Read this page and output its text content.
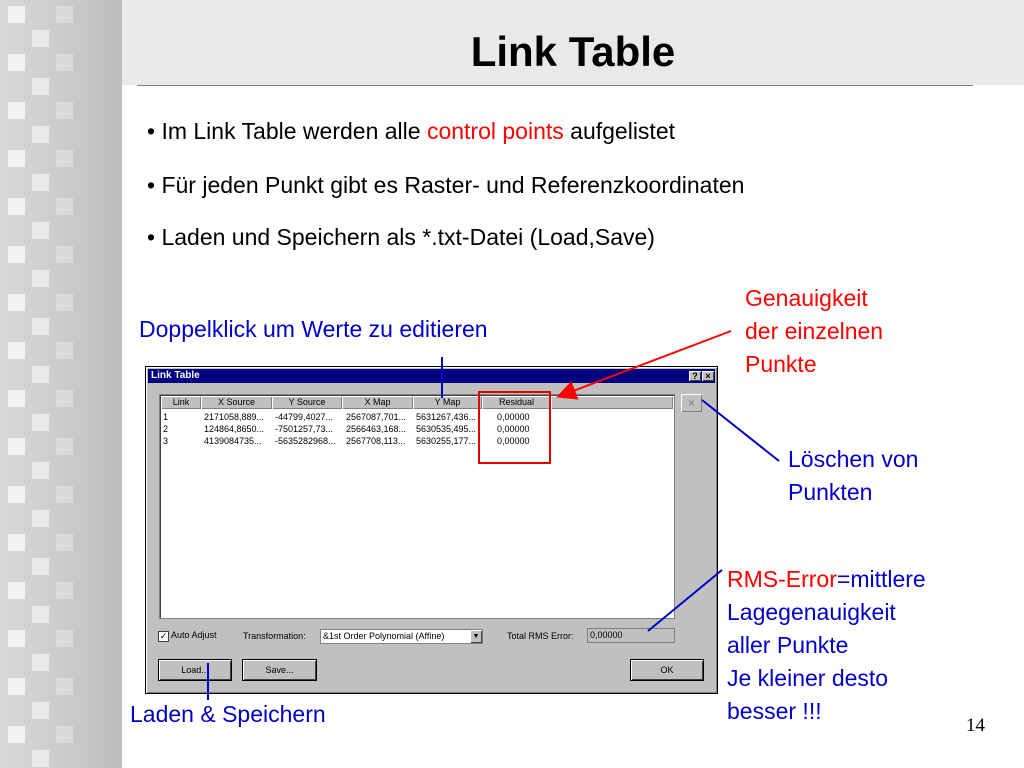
Link Table
• Im Link Table werden alle control points aufgelistet
• Für jeden Punkt gibt es Raster- und Referenzkoordinaten
• Laden und Speichern als *.txt-Datei (Load,Save)
Doppelklick um Werte zu editieren
Genauigkeit
der einzelnen
Punkte
Löschen von
Punkten
RMS-Error=mittlere
Lagegenauigkeit
aller Punkte
Je kleiner desto
besser !!!
Laden & Speichern
Link Table	? ×
Link	X Source	Y Source	X Map	Y Map	Residual
1	2171058,889... -44799,4027... 2567087,701... 5631267,436... 0,00000
2	124864,8650... -7501257,73... 2566463,168... 5630535,495... 0,00000
3	4139084735... -5635282968... 2567708,113... 5630255,177... 0,00000
×
✓ Auto Adjust	Transformation: &1st Order Polynomial (Affine)	▼	Total RMS Error: 0,00000
Load...	Save...	OK
14
